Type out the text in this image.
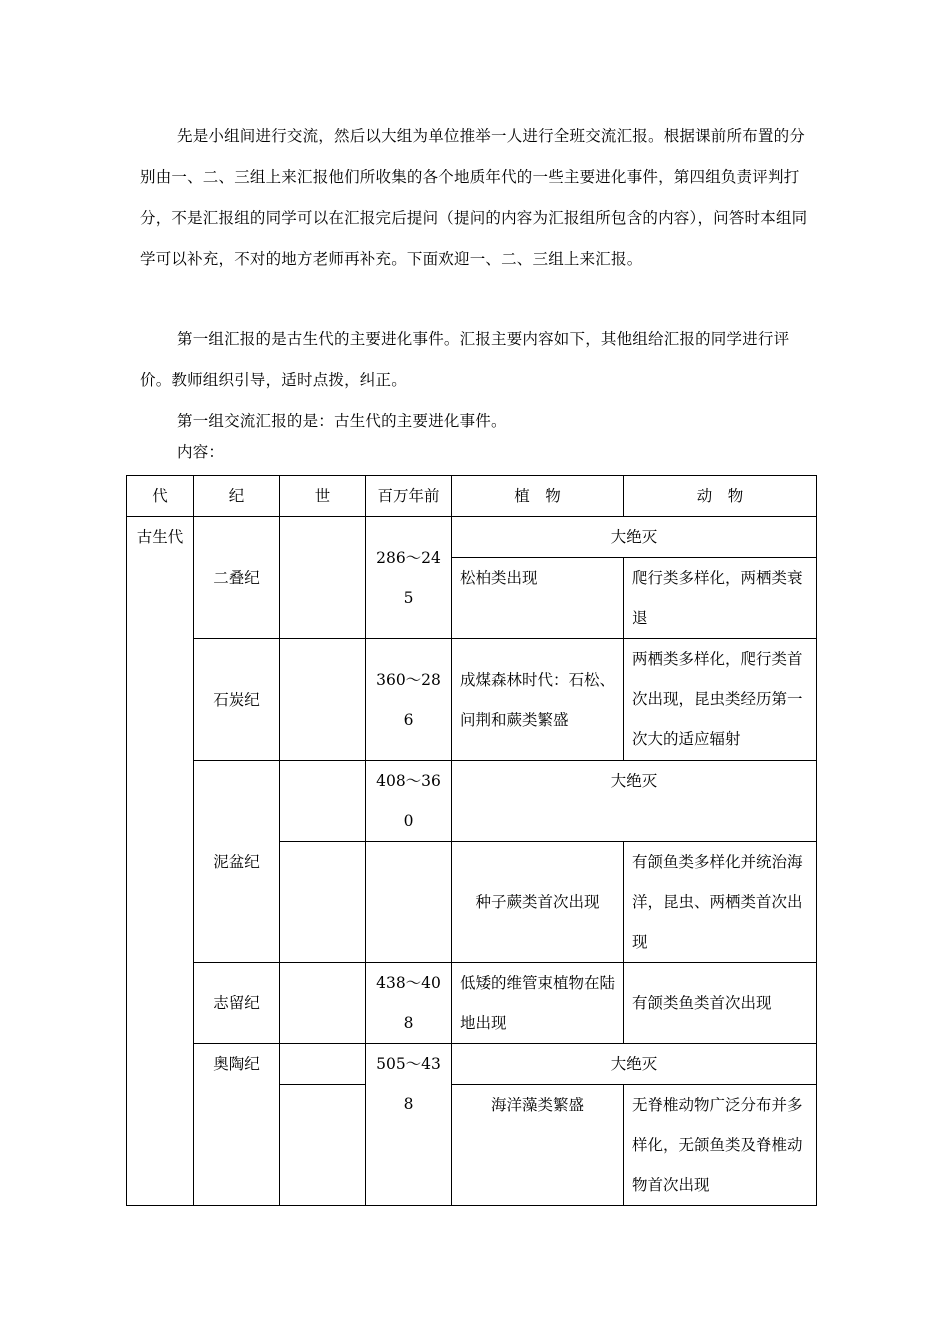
先是小组间进行交流，然后以大组为单位推举一人进行全班交流汇报。根据课前所布置的分别由一、二、三组上来汇报他们所收集的各个地质年代的一些主要进化事件，第四组负责评判打分，不是汇报组的同学可以在汇报完后提问（提问的内容为汇报组所包含的内容），问答时本组同学可以补充，不对的地方老师再补充。下面欢迎一、二、三组上来汇报。

第一组汇报的是古生代的主要进化事件。汇报主要内容如下，其他组给汇报的同学进行评价。教师组织引导，适时点拨，纠正。

第一组交流汇报的是：古生代的主要进化事件。

内容：

代	纪	世	百万年前	植　物	动　物
古生代	二叠纪		286～245	大绝灭	
				松柏类出现	爬行类多样化，两栖类衰退
	石炭纪		360～286	成煤森林时代：石松、问荆和蕨类繁盛	两栖类多样化，爬行类首次出现，昆虫类经历第一次大的适应辐射
	泥盆纪		408～360	大绝灭	
				种子蕨类首次出现	有颌鱼类多样化并统治海洋，昆虫、两栖类首次出现
	志留纪		438～408	低矮的维管束植物在陆地出现	有颌类鱼类首次出现
	奥陶纪		505～438	大绝灭	
				海洋藻类繁盛	无脊椎动物广泛分布并多样化，无颌鱼类及脊椎动物首次出现
